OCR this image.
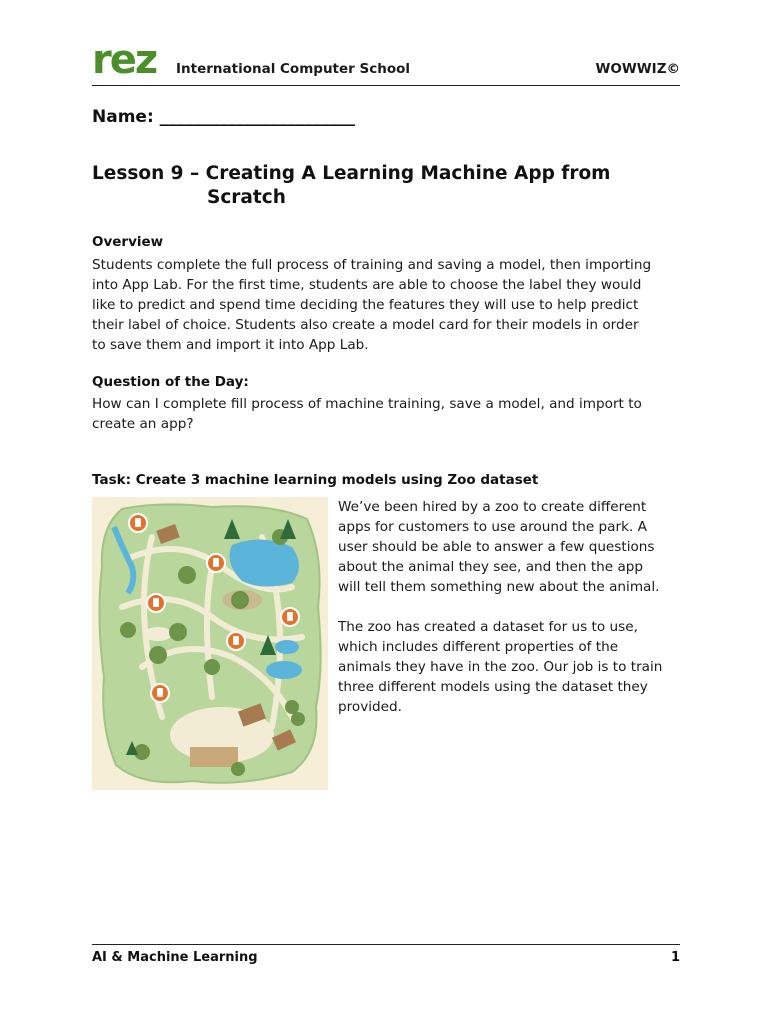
rez International Computer School	WOWWIZ©
Name: _______________________
Lesson 9 – Creating A Learning Machine App from
Scratch
Overview
Students complete the full process of training and saving a model, then importing
into App Lab. For the first time, students are able to choose the label they would
like to predict and spend time deciding the features they will use to help predict
their label of choice. Students also create a model card for their models in order
to save them and import it into App Lab.
Question of the Day:
How can I complete fill process of machine training, save a model, and import to
create an app?
Task: Create 3 machine learning models using Zoo dataset
We’ve been hired by a zoo to create different
apps for customers to use around the park. A
user should be able to answer a few questions
about the animal they see, and then the app
will tell them something new about the animal.
The zoo has created a dataset for us to use,
which includes different properties of the
animals they have in the zoo. Our job is to train
three different models using the dataset they
provided.
AI & Machine Learning	1
